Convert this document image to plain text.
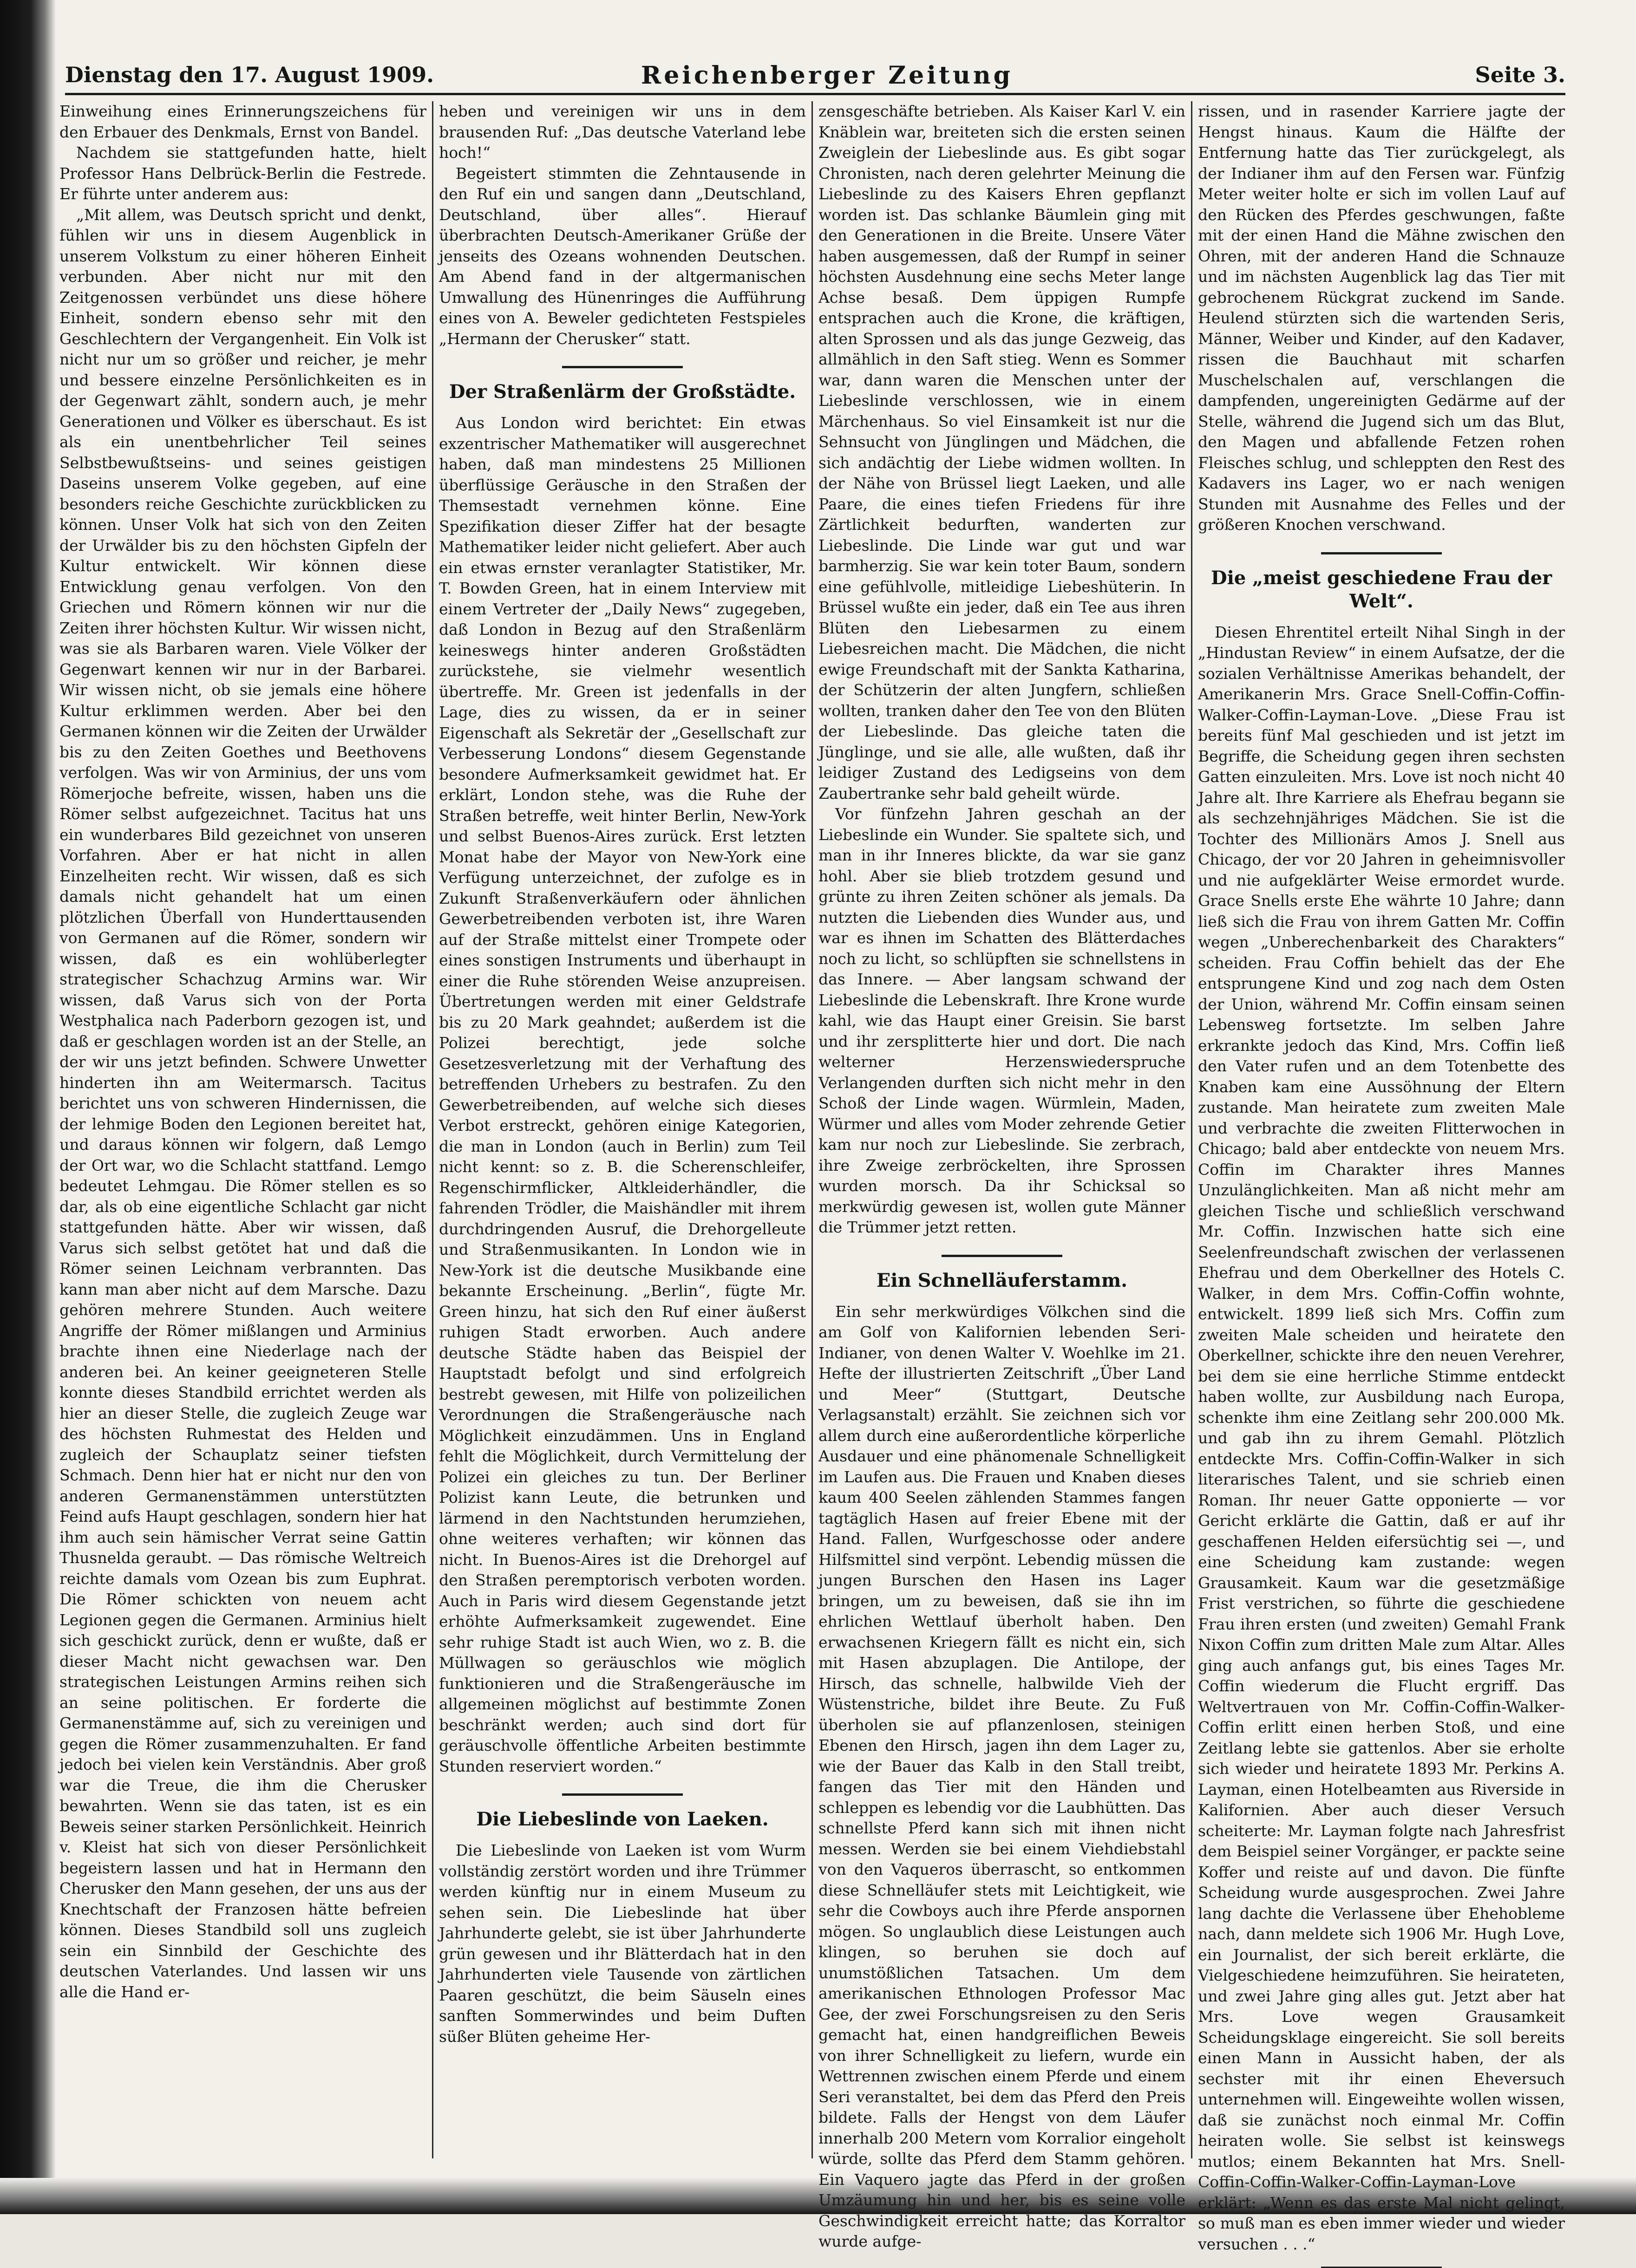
Dienstag den 17. August 1909.	Reichenberger Zeitung	Seite 3.

Einweihung eines Erinnerungszeichens für den Erbauer des Denkmals, Ernst von Bandel.

Nachdem sie stattgefunden hatte, hielt Professor Hans Delbrück-Berlin die Festrede. Er führte unter anderem aus:

„Mit allem, was Deutsch spricht und denkt, fühlen wir uns in diesem Augenblick in unserem Volkstum zu einer höheren Einheit verbunden. Aber nicht nur mit den Zeitgenossen verbündet uns diese höhere Einheit, sondern ebenso sehr mit den Geschlechtern der Vergangenheit. Ein Volk ist nicht nur um so größer und reicher, je mehr und bessere einzelne Persönlichkeiten es in der Gegenwart zählt, sondern auch, je mehr Generationen und Völker es überschaut. Es ist als ein unentbehrlicher Teil seines Selbstbewußtseins- und seines geistigen Daseins unserem Volke gegeben, auf eine besonders reiche Geschichte zurückblicken zu können. Unser Volk hat sich von den Zeiten der Urwälder bis zu den höchsten Gipfeln der Kultur entwickelt. Wir können diese Entwicklung genau verfolgen. Von den Griechen und Römern können wir nur die Zeiten ihrer höchsten Kultur. Wir wissen nicht, was sie als Barbaren waren. Viele Völker der Gegenwart kennen wir nur in der Barbarei. Wir wissen nicht, ob sie jemals eine höhere Kultur erklimmen werden. Aber bei den Germanen können wir die Zeiten der Urwälder bis zu den Zeiten Goethes und Beethovens verfolgen. Was wir von Arminius, der uns vom Römerjoche befreite, wissen, haben uns die Römer selbst aufgezeichnet. Tacitus hat uns ein wunderbares Bild gezeichnet von unseren Vorfahren. Aber er hat nicht in allen Einzelheiten recht. Wir wissen, daß es sich damals nicht gehandelt hat um einen plötzlichen Überfall von Hunderttausenden von Germanen auf die Römer, sondern wir wissen, daß es ein wohlüberlegter strategischer Schachzug Armins war. Wir wissen, daß Varus sich von der Porta Westphalica nach Paderborn gezogen ist, und daß er geschlagen worden ist an der Stelle, an der wir uns jetzt befinden. Schwere Unwetter hinderten ihn am Weitermarsch. Tacitus berichtet uns von schweren Hindernissen, die der lehmige Boden den Legionen bereitet hat, und daraus können wir folgern, daß Lemgo der Ort war, wo die Schlacht stattfand. Lemgo bedeutet Lehmgau. Die Römer stellen es so dar, als ob eine eigentliche Schlacht gar nicht stattgefunden hätte. Aber wir wissen, daß Varus sich selbst getötet hat und daß die Römer seinen Leichnam verbrannten. Das kann man aber nicht auf dem Marsche. Dazu gehören mehrere Stunden. Auch weitere Angriffe der Römer mißlangen und Arminius brachte ihnen eine Niederlage nach der anderen bei. An keiner geeigneteren Stelle konnte dieses Standbild errichtet werden als hier an dieser Stelle, die zugleich Zeuge war des höchsten Ruhmestat des Helden und zugleich der Schauplatz seiner tiefsten Schmach. Denn hier hat er nicht nur den von anderen Germanenstämmen unterstützten Feind aufs Haupt geschlagen, sondern hier hat ihm auch sein hämischer Verrat seine Gattin Thusnelda geraubt. — Das römische Weltreich reichte damals vom Ozean bis zum Euphrat. Die Römer schickten von neuem acht Legionen gegen die Germanen. Arminius hielt sich geschickt zurück, denn er wußte, daß er dieser Macht nicht gewachsen war. Den strategischen Leistungen Armins reihen sich an seine politischen. Er forderte die Germanenstämme auf, sich zu vereinigen und gegen die Römer zusammenzuhalten. Er fand jedoch bei vielen kein Verständnis. Aber groß war die Treue, die ihm die Cherusker bewahrten. Wenn sie das taten, ist es ein Beweis seiner starken Persönlichkeit. Heinrich v. Kleist hat sich von dieser Persönlichkeit begeistern lassen und hat in Hermann den Cherusker den Mann gesehen, der uns aus der Knechtschaft der Franzosen hätte befreien können. Dieses Standbild soll uns zugleich sein ein Sinnbild der Geschichte des deutschen Vaterlandes. Und lassen wir uns alle die Hand er-

heben und vereinigen wir uns in dem brausenden Ruf: „Das deutsche Vaterland lebe hoch!“

Begeistert stimmten die Zehntausende in den Ruf ein und sangen dann „Deutschland, Deutschland, über alles“. Hierauf überbrachten Deutsch-Amerikaner Grüße der jenseits des Ozeans wohnenden Deutschen. Am Abend fand in der altgermanischen Umwallung des Hünenringes die Aufführung eines von A. Beweler gedichteten Festspieles „Hermann der Cherusker“ statt.

Der Straßenlärm der Großstädte.

Aus London wird berichtet: Ein etwas exzentrischer Mathematiker will ausgerechnet haben, daß man mindestens 25 Millionen überflüssige Geräusche in den Straßen der Themsestadt vernehmen könne. Eine Spezifikation dieser Ziffer hat der besagte Mathematiker leider nicht geliefert. Aber auch ein etwas ernster veranlagter Statistiker, Mr. T. Bowden Green, hat in einem Interview mit einem Vertreter der „Daily News“ zugegeben, daß London in Bezug auf den Straßenlärm keineswegs hinter anderen Großstädten zurückstehe, sie vielmehr wesentlich übertreffe. Mr. Green ist jedenfalls in der Lage, dies zu wissen, da er in seiner Eigenschaft als Sekretär der „Gesellschaft zur Verbesserung Londons“ diesem Gegenstande besondere Aufmerksamkeit gewidmet hat. Er erklärt, London stehe, was die Ruhe der Straßen betreffe, weit hinter Berlin, New-York und selbst Buenos-Aires zurück. Erst letzten Monat habe der Mayor von New-York eine Verfügung unterzeichnet, der zufolge es in Zukunft Straßenverkäufern oder ähnlichen Gewerbetreibenden verboten ist, ihre Waren auf der Straße mittelst einer Trompete oder eines sonstigen Instruments und überhaupt in einer die Ruhe störenden Weise anzupreisen. Übertretungen werden mit einer Geldstrafe bis zu 20 Mark geahndet; außerdem ist die Polizei berechtigt, jede solche Gesetzesverletzung mit der Verhaftung des betreffenden Urhebers zu bestrafen. Zu den Gewerbetreibenden, auf welche sich dieses Verbot erstreckt, gehören einige Kategorien, die man in London (auch in Berlin) zum Teil nicht kennt: so z. B. die Scherenschleifer, Regenschirmflicker, Altkleiderhändler, die fahrenden Trödler, die Maishändler mit ihrem durchdringenden Ausruf, die Drehorgelleute und Straßenmusikanten. In London wie in New-York ist die deutsche Musikbande eine bekannte Erscheinung. „Berlin“, fügte Mr. Green hinzu, hat sich den Ruf einer äußerst ruhigen Stadt erworben. Auch andere deutsche Städte haben das Beispiel der Hauptstadt befolgt und sind erfolgreich bestrebt gewesen, mit Hilfe von polizeilichen Verordnungen die Straßengeräusche nach Möglichkeit einzudämmen. Uns in England fehlt die Möglichkeit, durch Vermittelung der Polizei ein gleiches zu tun. Der Berliner Polizist kann Leute, die betrunken und lärmend in den Nachtstunden herumziehen, ohne weiteres verhaften; wir können das nicht. In Buenos-Aires ist die Drehorgel auf den Straßen peremptorisch verboten worden. Auch in Paris wird diesem Gegenstande jetzt erhöhte Aufmerksamkeit zugewendet. Eine sehr ruhige Stadt ist auch Wien, wo z. B. die Müllwagen so geräuschlos wie möglich funktionieren und die Straßengeräusche im allgemeinen möglichst auf bestimmte Zonen beschränkt werden; auch sind dort für geräuschvolle öffentliche Arbeiten bestimmte Stunden reserviert worden.“

Die Liebeslinde von Laeken.

Die Liebeslinde von Laeken ist vom Wurm vollständig zerstört worden und ihre Trümmer werden künftig nur in einem Museum zu sehen sein. Die Liebeslinde hat über Jahrhunderte gelebt, sie ist über Jahrhunderte grün gewesen und ihr Blätterdach hat in den Jahrhunderten viele Tausende von zärtlichen Paaren geschützt, die beim Säuseln eines sanften Sommerwindes und beim Duften süßer Blüten geheime Her-

zensgeschäfte betrieben. Als Kaiser Karl V. ein Knäblein war, breiteten sich die ersten seinen Zweiglein der Liebeslinde aus. Es gibt sogar Chronisten, nach deren gelehrter Meinung die Liebeslinde zu des Kaisers Ehren gepflanzt worden ist. Das schlanke Bäumlein ging mit den Generationen in die Breite. Unsere Väter haben ausgemessen, daß der Rumpf in seiner höchsten Ausdehnung eine sechs Meter lange Achse besaß. Dem üppigen Rumpfe entsprachen auch die Krone, die kräftigen, alten Sprossen und als das junge Gezweig, das allmählich in den Saft stieg. Wenn es Sommer war, dann waren die Menschen unter der Liebeslinde verschlossen, wie in einem Märchenhaus. So viel Einsamkeit ist nur die Sehnsucht von Jünglingen und Mädchen, die sich andächtig der Liebe widmen wollten. In der Nähe von Brüssel liegt Laeken, und alle Paare, die eines tiefen Friedens für ihre Zärtlichkeit bedurften, wanderten zur Liebeslinde. Die Linde war gut und war barmherzig. Sie war kein toter Baum, sondern eine gefühlvolle, mitleidige Liebeshüterin. In Brüssel wußte ein jeder, daß ein Tee aus ihren Blüten den Liebesarmen zu einem Liebesreichen macht. Die Mädchen, die nicht ewige Freundschaft mit der Sankta Katharina, der Schützerin der alten Jungfern, schließen wollten, tranken daher den Tee von den Blüten der Liebeslinde. Das gleiche taten die Jünglinge, und sie alle, alle wußten, daß ihr leidiger Zustand des Ledigseins von dem Zaubertranke sehr bald geheilt würde.

Vor fünfzehn Jahren geschah an der Liebeslinde ein Wunder. Sie spaltete sich, und man in ihr Inneres blickte, da war sie ganz hohl. Aber sie blieb trotzdem gesund und grünte zu ihren Zeiten schöner als jemals. Da nutzten die Liebenden dies Wunder aus, und war es ihnen im Schatten des Blätterdaches noch zu licht, so schlüpften sie schnellstens in das Innere. — Aber langsam schwand der Liebeslinde die Lebenskraft. Ihre Krone wurde kahl, wie das Haupt einer Greisin. Sie barst und ihr zersplitterte hier und dort. Die nach welterner Herzenswiederspruche Verlangenden durften sich nicht mehr in den Schoß der Linde wagen. Würmlein, Maden, Würmer und alles vom Moder zehrende Getier kam nur noch zur Liebeslinde. Sie zerbrach, ihre Zweige zerbröckelten, ihre Sprossen wurden morsch. Da ihr Schicksal so merkwürdig gewesen ist, wollen gute Männer die Trümmer jetzt retten.

Ein Schnelläuferstamm.

Ein sehr merkwürdiges Völkchen sind die am Golf von Kalifornien lebenden Seri-Indianer, von denen Walter V. Woehlke im 21. Hefte der illustrierten Zeitschrift „Über Land und Meer“ (Stuttgart, Deutsche Verlagsanstalt) erzählt. Sie zeichnen sich vor allem durch eine außerordentliche körperliche Ausdauer und eine phänomenale Schnelligkeit im Laufen aus. Die Frauen und Knaben dieses kaum 400 Seelen zählenden Stammes fangen tagtäglich Hasen auf freier Ebene mit der Hand. Fallen, Wurfgeschosse oder andere Hilfsmittel sind verpönt. Lebendig müssen die jungen Burschen den Hasen ins Lager bringen, um zu beweisen, daß sie ihn im ehrlichen Wettlauf überholt haben. Den erwachsenen Kriegern fällt es nicht ein, sich mit Hasen abzuplagen. Die Antilope, der Hirsch, das schnelle, halbwilde Vieh der Wüstenstriche, bildet ihre Beute. Zu Fuß überholen sie auf pflanzenlosen, steinigen Ebenen den Hirsch, jagen ihn dem Lager zu, wie der Bauer das Kalb in den Stall treibt, fangen das Tier mit den Händen und schleppen es lebendig vor die Laubhütten. Das schnellste Pferd kann sich mit ihnen nicht messen. Werden sie bei einem Viehdiebstahl von den Vaqueros überrascht, so entkommen diese Schnelläufer stets mit Leichtigkeit, wie sehr die Cowboys auch ihre Pferde anspornen mögen. So unglaublich diese Leistungen auch klingen, so beruhen sie doch auf unumstößlichen Tatsachen. Um dem amerikanischen Ethnologen Professor Mac Gee, der zwei Forschungsreisen zu den Seris gemacht hat, einen handgreiflichen Beweis von ihrer Schnelligkeit zu liefern, wurde ein Wettrennen zwischen einem Pferde und einem Seri veranstaltet, bei dem das Pferd den Preis bildete. Falls der Hengst von dem Läufer innerhalb 200 Metern vom Korralior eingeholt würde, sollte das Pferd dem Stamm gehören. Ein Vaquero jagte das Pferd in der großen Umzäumung hin und her, bis es seine volle Geschwindigkeit erreicht hatte; das Korraltor wurde aufge-

rissen, und in rasender Karriere jagte der Hengst hinaus. Kaum die Hälfte der Entfernung hatte das Tier zurückgelegt, als der Indianer ihm auf den Fersen war. Fünfzig Meter weiter holte er sich im vollen Lauf auf den Rücken des Pferdes geschwungen, faßte mit der einen Hand die Mähne zwischen den Ohren, mit der anderen Hand die Schnauze und im nächsten Augenblick lag das Tier mit gebrochenem Rückgrat zuckend im Sande. Heulend stürzten sich die wartenden Seris, Männer, Weiber und Kinder, auf den Kadaver, rissen die Bauchhaut mit scharfen Muschelschalen auf, verschlangen die dampfenden, ungereinigten Gedärme auf der Stelle, während die Jugend sich um das Blut, den Magen und abfallende Fetzen rohen Fleisches schlug, und schleppten den Rest des Kadavers ins Lager, wo er nach wenigen Stunden mit Ausnahme des Felles und der größeren Knochen verschwand.

Die „meist geschiedene Frau der Welt“.

Diesen Ehrentitel erteilt Nihal Singh in der „Hindustan Review“ in einem Aufsatze, der die sozialen Verhältnisse Amerikas behandelt, der Amerikanerin Mrs. Grace Snell-Coffin-Coffin-Walker-Coffin-Layman-Love. „Diese Frau ist bereits fünf Mal geschieden und ist jetzt im Begriffe, die Scheidung gegen ihren sechsten Gatten einzuleiten. Mrs. Love ist noch nicht 40 Jahre alt. Ihre Karriere als Ehefrau begann sie als sechzehnjähriges Mädchen. Sie ist die Tochter des Millionärs Amos J. Snell aus Chicago, der vor 20 Jahren in geheimnisvoller und nie aufgeklärter Weise ermordet wurde. Grace Snells erste Ehe währte 10 Jahre; dann ließ sich die Frau von ihrem Gatten Mr. Coffin wegen „Unberechenbarkeit des Charakters“ scheiden. Frau Coffin behielt das der Ehe entsprungene Kind und zog nach dem Osten der Union, während Mr. Coffin einsam seinen Lebensweg fortsetzte. Im selben Jahre erkrankte jedoch das Kind, Mrs. Coffin ließ den Vater rufen und an dem Totenbette des Knaben kam eine Aussöhnung der Eltern zustande. Man heiratete zum zweiten Male und verbrachte die zweiten Flitterwochen in Chicago; bald aber entdeckte von neuem Mrs. Coffin im Charakter ihres Mannes Unzulänglichkeiten. Man aß nicht mehr am gleichen Tische und schließlich verschwand Mr. Coffin. Inzwischen hatte sich eine Seelenfreundschaft zwischen der verlassenen Ehefrau und dem Oberkellner des Hotels C. Walker, in dem Mrs. Coffin-Coffin wohnte, entwickelt. 1899 ließ sich Mrs. Coffin zum zweiten Male scheiden und heiratete den Oberkellner, schickte ihre den neuen Verehrer, bei dem sie eine herrliche Stimme entdeckt haben wollte, zur Ausbildung nach Europa, schenkte ihm eine Zeitlang sehr 200.000 Mk. und gab ihn zu ihrem Gemahl. Plötzlich entdeckte Mrs. Coffin-Coffin-Walker in sich literarisches Talent, und sie schrieb einen Roman. Ihr neuer Gatte opponierte — vor Gericht erklärte die Gattin, daß er auf ihr geschaffenen Helden eifersüchtig sei —, und eine Scheidung kam zustande: wegen Grausamkeit. Kaum war die gesetzmäßige Frist verstrichen, so führte die geschiedene Frau ihren ersten (und zweiten) Gemahl Frank Nixon Coffin zum dritten Male zum Altar. Alles ging auch anfangs gut, bis eines Tages Mr. Coffin wiederum die Flucht ergriff. Das Weltvertrauen von Mr. Coffin-Coffin-Walker-Coffin erlitt einen herben Stoß, und eine Zeitlang lebte sie gattenlos. Aber sie erholte sich wieder und heiratete 1893 Mr. Perkins A. Layman, einen Hotelbeamten aus Riverside in Kalifornien. Aber auch dieser Versuch scheiterte: Mr. Layman folgte nach Jahresfrist dem Beispiel seiner Vorgänger, er packte seine Koffer und reiste auf und davon. Die fünfte Scheidung wurde ausgesprochen. Zwei Jahre lang dachte die Verlassene über Ehehobleme nach, dann meldete sich 1906 Mr. Hugh Love, ein Journalist, der sich bereit erklärte, die Vielgeschiedene heimzuführen. Sie heirateten, und zwei Jahre ging alles gut. Jetzt aber hat Mrs. Love wegen Grausamkeit Scheidungsklage eingereicht. Sie soll bereits einen Mann in Aussicht haben, der als sechster mit ihr einen Eheversuch unternehmen will. Eingeweihte wollen wissen, daß sie zunächst noch einmal Mr. Coffin heiraten wolle. Sie selbst ist keinswegs mutlos; einem Bekannten hat Mrs. Snell-Coffin-Coffin-Walker-Coffin-Layman-Love erklärt: „Wenn es das erste Mal nicht gelingt, so muß man es eben immer wieder und wieder versuchen . . .“
